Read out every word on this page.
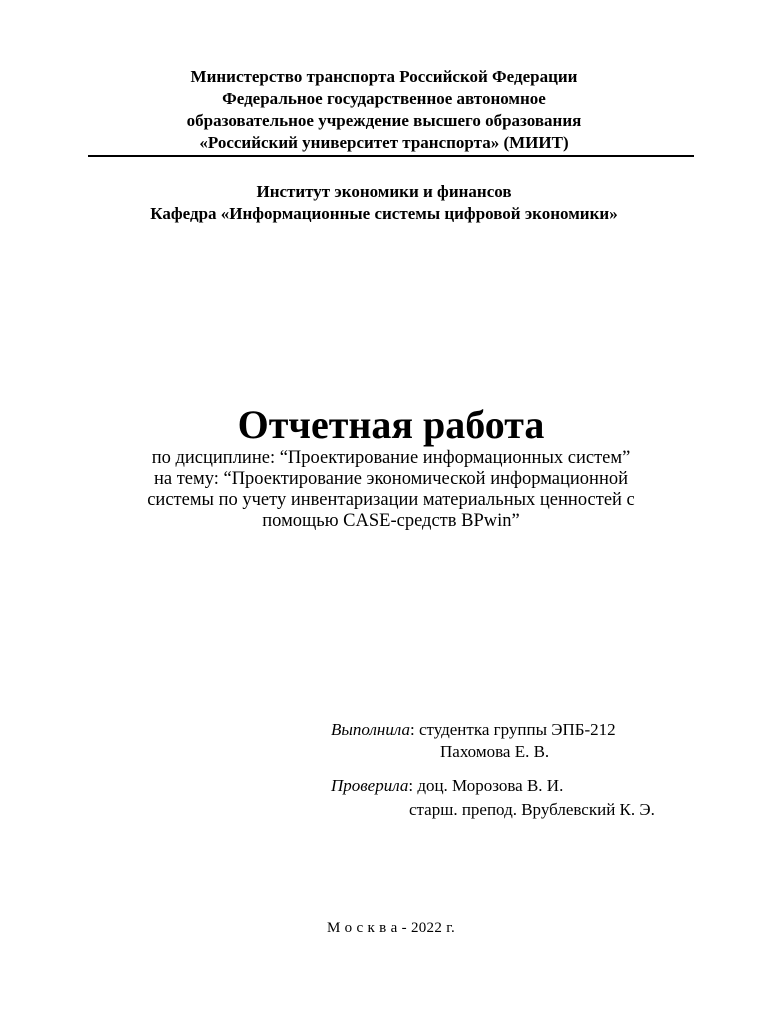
Министерство транспорта Российской Федерации
Федеральное государственное автономное
образовательное учреждение высшего образования
«Российский университет транспорта» (МИИТ)
Институт экономики и финансов
Кафедра «Информационные системы цифровой экономики»
Отчетная работа
по дисциплине: “Проектирование информационных систем”
на тему: “Проектирование экономической информационной
системы по учету инвентаризации материальных ценностей с
помощью CASE-средств BPwin”
Выполнила: студентка группы ЭПБ-212
Пахомова Е. В.
Проверила: доц. Морозова В. И.
старш. препод. Врублевский К. Э.
М о с к в а - 2022 г.
